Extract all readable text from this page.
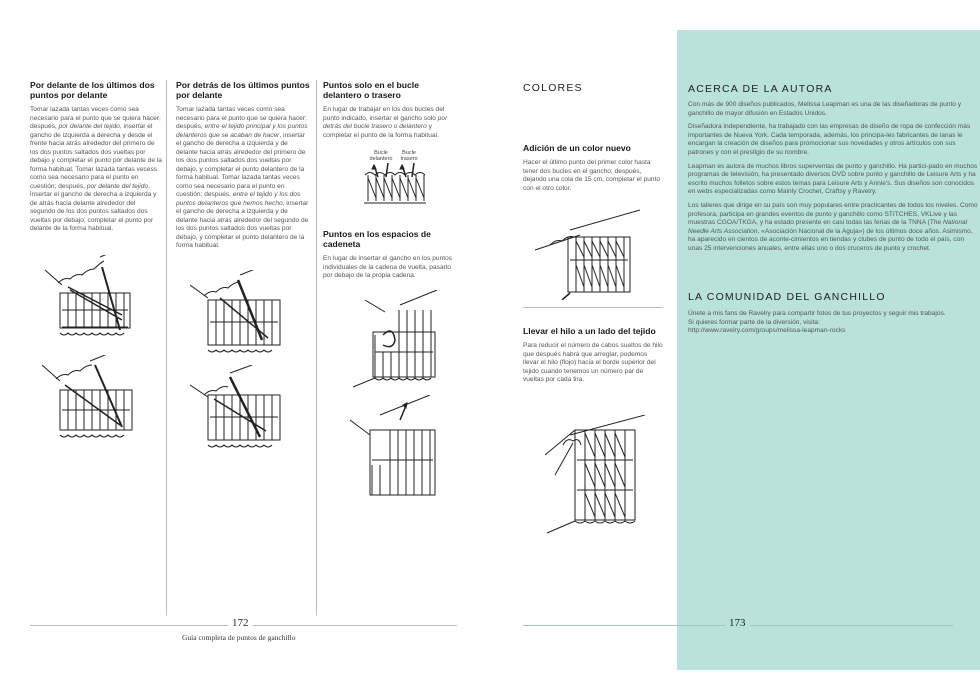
Por delante de los últimos dos puntos por delante

Tomar lazada tantas veces como sea necesario para el punto que se quiera hacer; después, por delante del tejido, insertar el gancho de izquierda a derecha y desde el frente hacia atrás alrededor del primero de los dos puntos saltados dos vueltas por debajo y completar el punto por delante de la forma habitual. Tomar lazada tantas vecess como sea necesario para el punto en cuestión; después, por delante del tejido, insertar el gancho de derecha a izquierda y de atrás hacia delante alrededor del segundo de los dos puntos saltados dos vueltas por debajo; completar el punto por delante de la forma habitual.

Por detrás de los últimos puntos por delante

Tomar lazada tantas veces como sea necesario para el punto que se quiera hacer; después, entre el tejido principal y los puntos delanteros que se acaban de hacer, insertar el gancho de derecha a izquierda y de delante hacia atrás alrededor del primero de los dos puntos saltados dos vueltas por debajo, y completar el punto delantero de la forma habitual. Tomar lazada tantas veces como sea necesario para el punto en cuestión; después, entre el tejido y los dos puntos delanteros que hemos hecho, insertar el gancho de derecha a izquierda y de delante hacia atrás alrededor del segundo de los dos puntos saltados dos vueltas por debajo, y completar el punto delantero de la forma habitual.

Puntos solo en el bucle delantero o trasero

En lugar de trabajar en los dos bucles del punto indicado, insertar el gancho solo por detrás del bucle trasero o delantero y completar el punto de la forma habitual.

Bucle delantero
Bucle trasero
Puntos en los espacios de cadeneta

En lugar de insertar el gancho en los puntos individuales de la cadena de vuelta, pasarlo por debajo de la propia cadena.

172
Guía completa de puntos de ganchillo
COLORES
Adición de un color nuevo

Hacer el último punto del primer color hasta tener dos bucles en el gancho; después, dejando una cola de 15 cm, completar el punto con el otro color.

Llevar el hilo a un lado del tejido

Para reducir el número de cabos sueltos de hilo que después habrá que arreglar, podemos llevar el hilo (flojo) hacia el borde superior del tejido cuando tenemos un número par de vueltas por cada tira.

ACERCA DE LA AUTORA

Con más de 900 diseños publicados, Melissa Leapman es una de las diseñadoras de punto y ganchillo de mayor difusión en Estados Unidos.

Diseñadora independiente, ha trabajado con las empresas de diseño de ropa de confección más importantes de Nueva York. Cada temporada, además, los principa-les fabricantes de lanas le encargan la creación de diseños para promocionar sus novedades y otros artículos con sus patrones y con el prestigio de su nombre.

Leapman es autora de muchos libros superventas de punto y ganchillo. Ha partici-pado en muchos programas de televisión, ha presentado diversos DVD sobre punto y ganchillo de Leisure Arts y ha escrito muchos folletos sobre estos temas para Leisure Arts y Annie's. Sus diseños son conocidos en webs especializadas como Mainly Crochet, Craftsy y Ravelry.

Los talleres que dirige en su país son muy populares entre practicantes de todos los niveles. Como profesora, participa en grandes eventos de punto y ganchillo como STITCHES, VKLive y las muestras CGOA/TKGA, y ha estado presente en casi todas las ferias de la TNNA (The National Needle Arts Association, «Asociación Nacional de la Aguja») de los últimos doce años. Asimismo, ha aparecido en cientos de aconte-cimientos en tiendas y clubes de punto de todo el país, con unas 25 intervenciones anuales, entre ellas uno o dos cruceros de punto y crochet.

LA COMUNIDAD DEL GANCHILLO

Únete a mis fans de Ravelry para compartir fotos de tus proyectos y seguir mis trabajos.

Si quieres formar parte de la diversión, visita:

http://www.ravelry.com/groups/melissa-leapman-rocks

173
